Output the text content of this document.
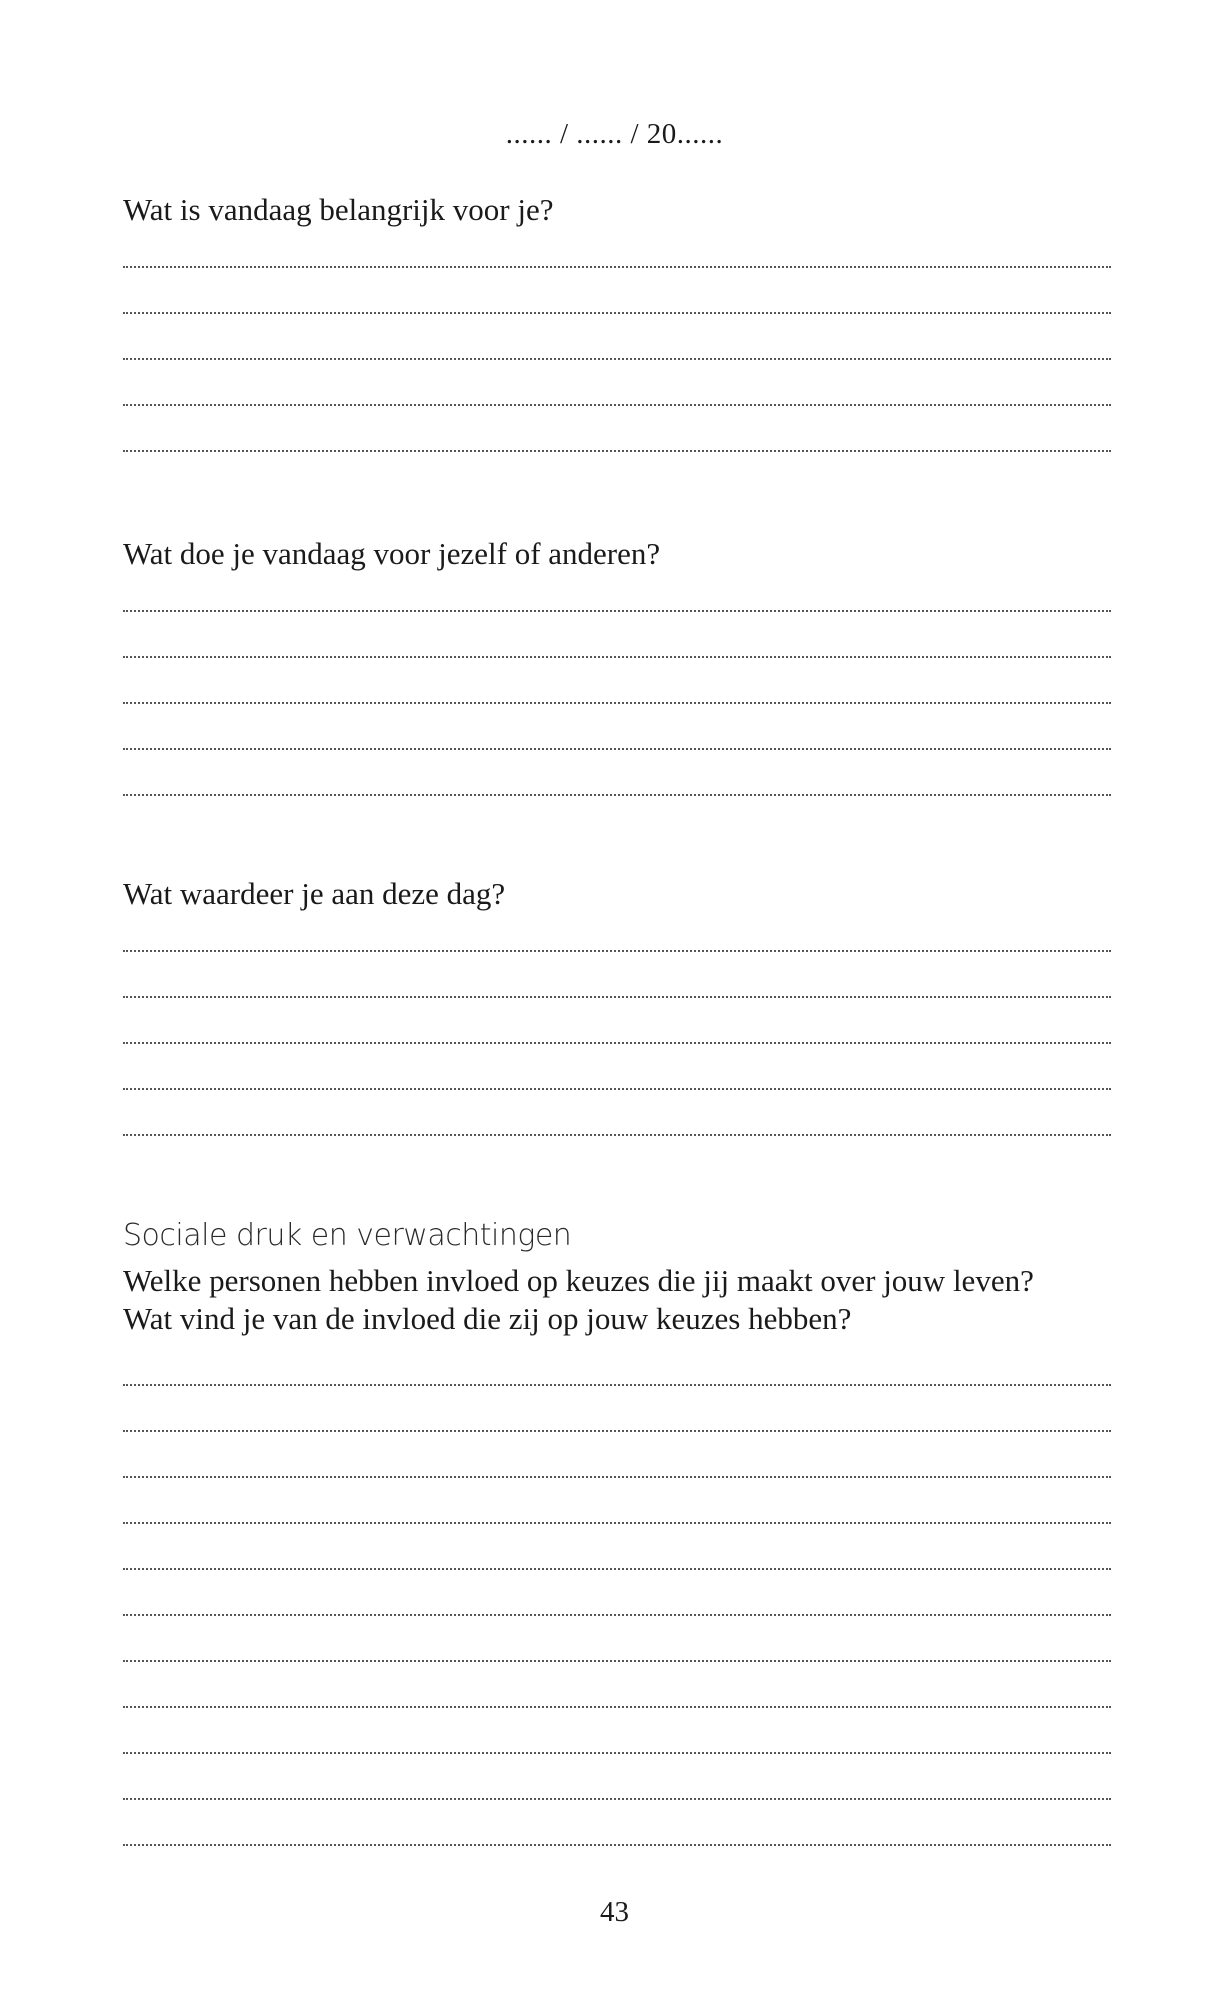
...... / ...... / 20......
Wat is vandaag belangrijk voor je?
Wat doe je vandaag voor jezelf of anderen?
Wat waardeer je aan deze dag?
Sociale druk en verwachtingen
Welke personen hebben invloed op keuzes die jij maakt over jouw leven?
Wat vind je van de invloed die zij op jouw keuzes hebben?
43
